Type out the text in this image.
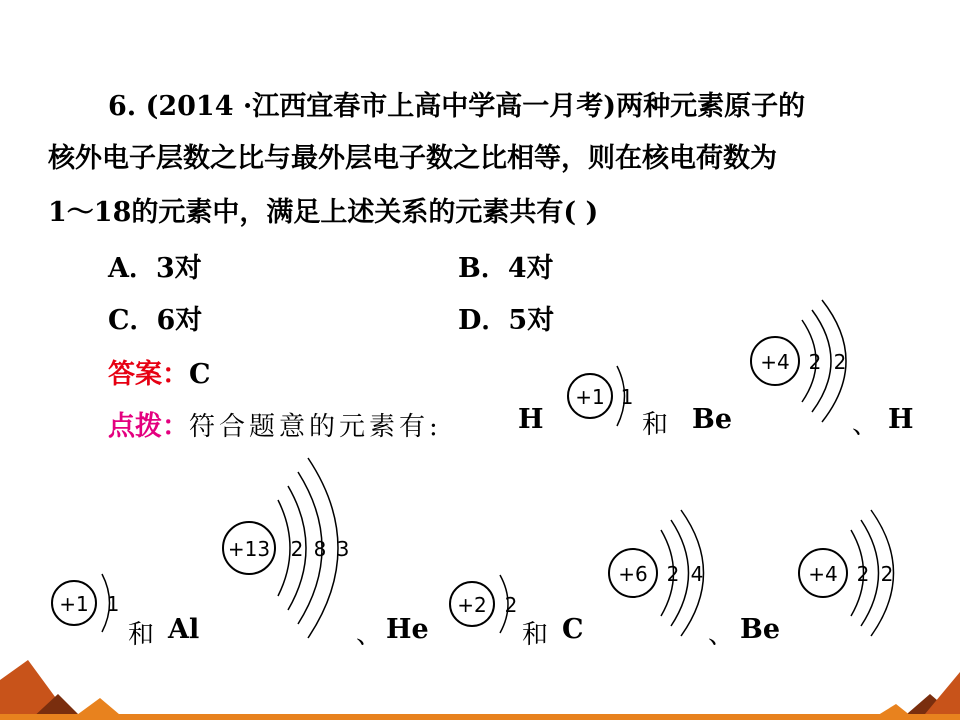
6. (2014 ·江西宜春市上高中学高一月考)两种元素原子的
核外电子层数之比与最外层电子数之比相等，则在核电荷数为
1～18的元素中，满足上述关系的元素共有( )
A．3对	B．4对
C．6对	D．5对
答案：C
点拨：符合题意的元素有:	H	和 Be	、 H
和 Al	、 He	和 C	、 Be
+1 1
+4 2 2
+1 1
+13 2 8 3
+2 2
+6 2 4	+4 2 2
